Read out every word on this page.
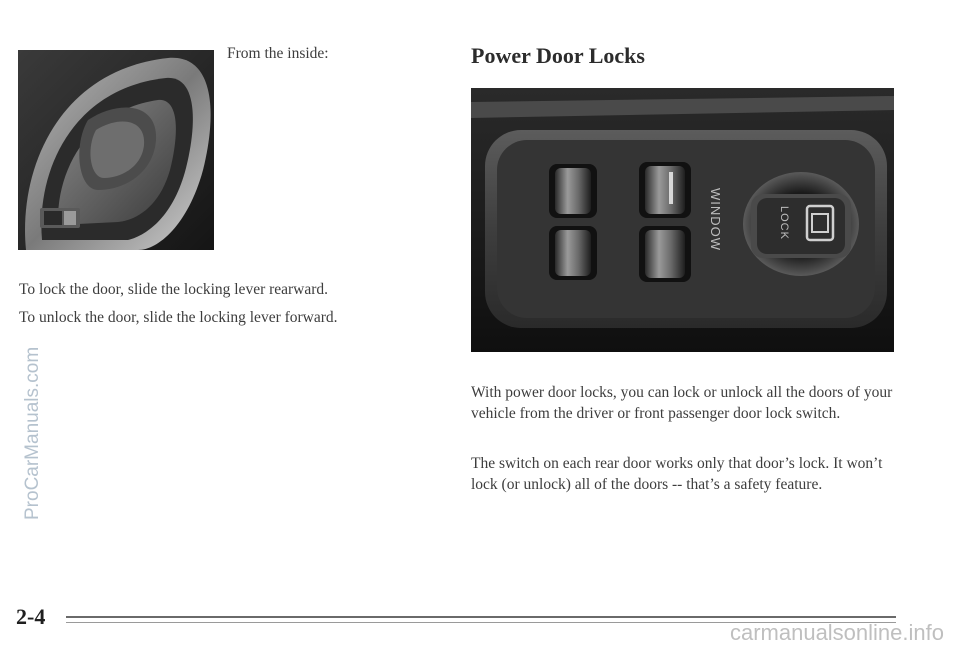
From the inside:
To lock the door, slide the locking lever rearward.
To unlock the door, slide the locking lever forward.
Power Door Locks
WINDOW	LOCK

With power door locks, you can lock or unlock all the doors of your vehicle from the driver or front passenger door lock switch.

The switch on each rear door works only that door’s lock. It won’t lock (or unlock) all of the doors -- that’s a safety feature.

2-4
ProCarManuals.com
carmanualsonline.info
